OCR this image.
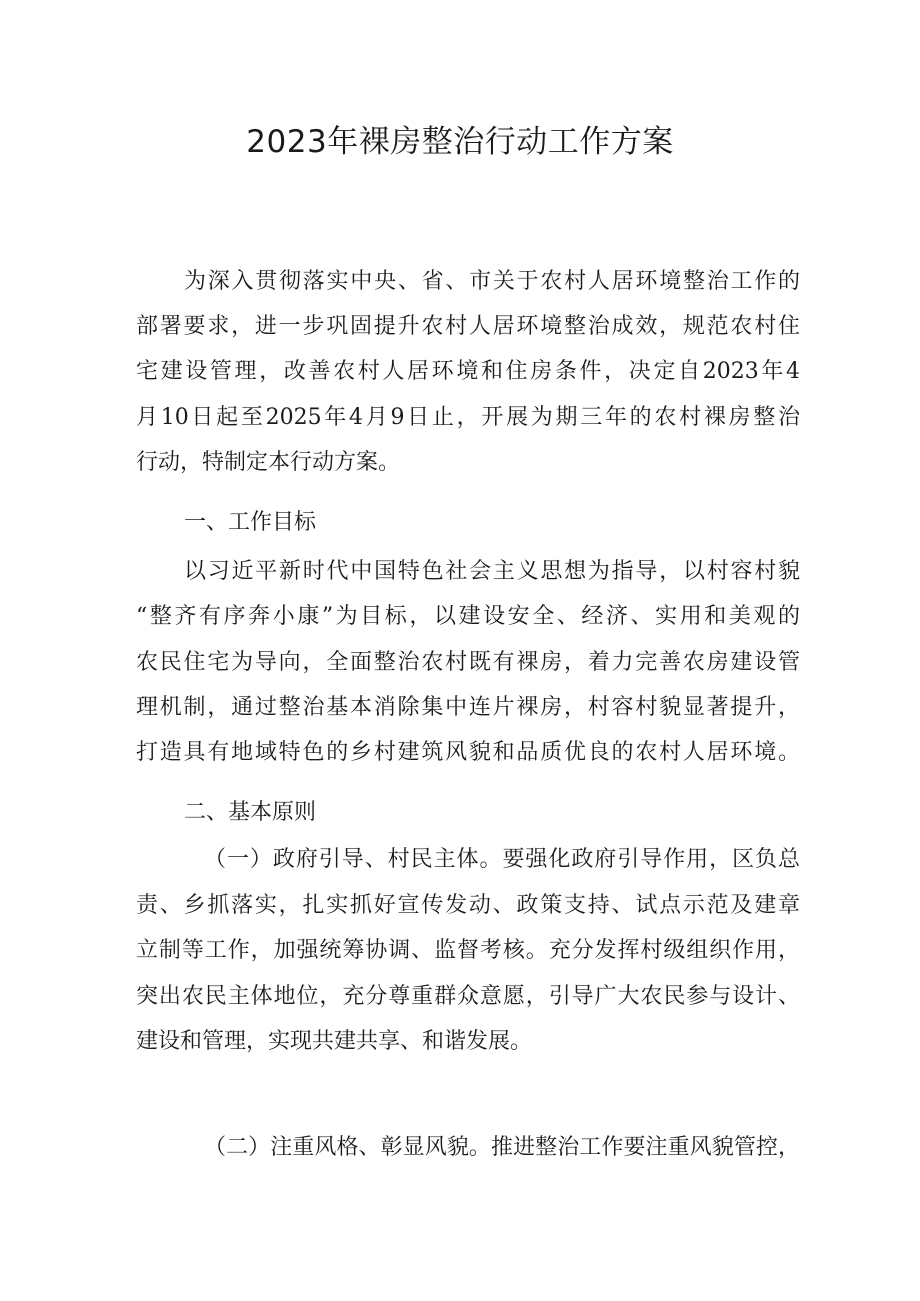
2023年裸房整治行动工作方案
为深入贯彻落实中央、省、市关于农村人居环境整治工作的
部署要求，进一步巩固提升农村人居环境整治成效，规范农村住
宅建设管理，改善农村人居环境和住房条件，决定自2023年4
月10日起至2025年4月9日止，开展为期三年的农村裸房整治
行动，特制定本行动方案。
一、工作目标
以习近平新时代中国特色社会主义思想为指导，以村容村貌
“整齐有序奔小康”为目标，以建设安全、经济、实用和美观的
农民住宅为导向，全面整治农村既有裸房，着力完善农房建设管
理机制，通过整治基本消除集中连片裸房，村容村貌显著提升，
打造具有地域特色的乡村建筑风貌和品质优良的农村人居环境。
二、基本原则
（一）政府引导、村民主体。要强化政府引导作用，区负总
责、乡抓落实，扎实抓好宣传发动、政策支持、试点示范及建章
立制等工作，加强统筹协调、监督考核。充分发挥村级组织作用，
突出农民主体地位，充分尊重群众意愿，引导广大农民参与设计、
建设和管理，实现共建共享、和谐发展。
（二）注重风格、彰显风貌。推进整治工作要注重风貌管控，
